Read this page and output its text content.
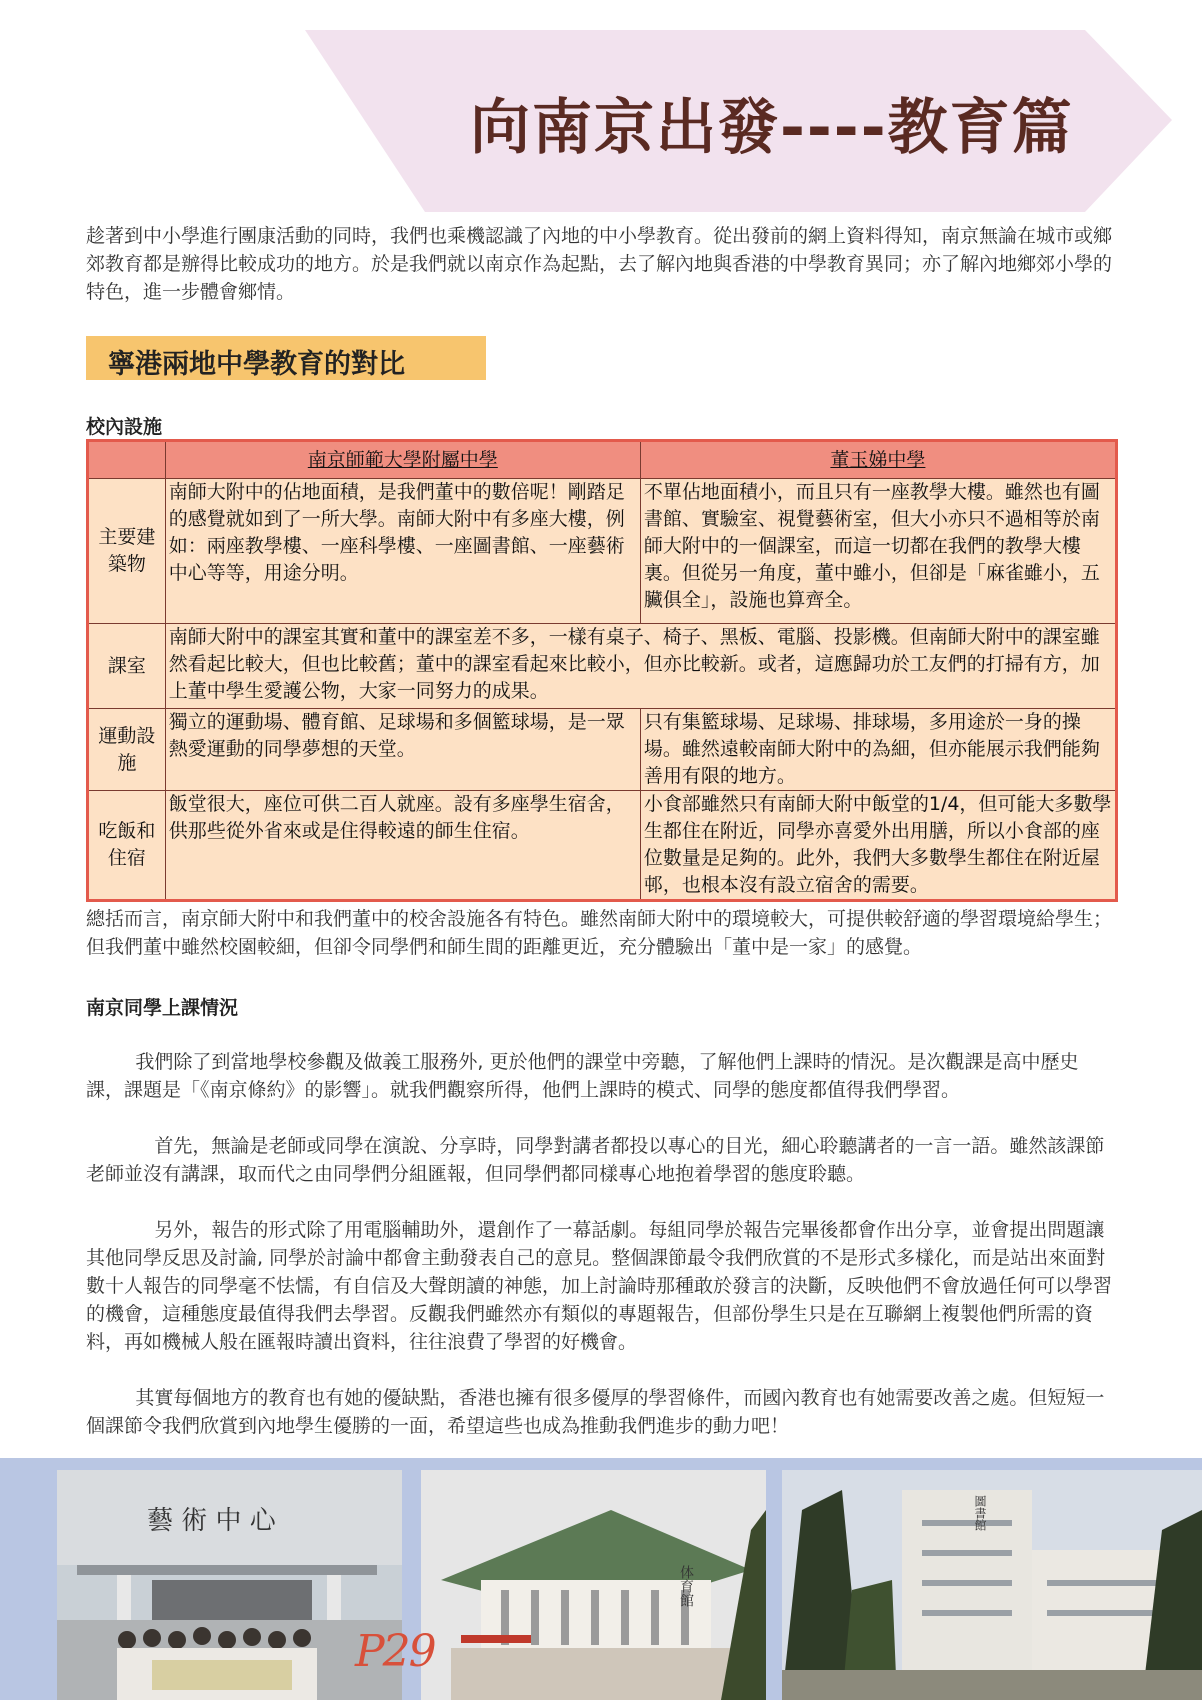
向南京出發----教育篇

趁著到中小學進行團康活動的同時，我們也乘機認識了內地的中小學教育。從出發前的網上資料得知，南京無論在城市或鄉郊教育都是辦得比較成功的地方。於是我們就以南京作為起點，去了解內地與香港的中學教育異同；亦了解內地鄉郊小學的特色，進一步體會鄉情。

寧港兩地中學教育的對比
校內設施
	南京師範大學附屬中學	董玉娣中學
主要建築物	南師大附中的佔地面積，是我們董中的數倍呢！剛踏足的感覺就如到了一所大學。南師大附中有多座大樓，例如：兩座教學樓、一座科學樓、一座圖書館、一座藝術中心等等，用途分明。	不單佔地面積小，而且只有一座教學大樓。雖然也有圖書館、實驗室、視覺藝術室，但大小亦只不過相等於南師大附中的一個課室，而這一切都在我們的教學大樓裏。但從另一角度，董中雖小，但卻是「麻雀雖小，五臟俱全」，設施也算齊全。
課室	南師大附中的課室其實和董中的課室差不多，一樣有桌子、椅子、黑板、電腦、投影機。但南師大附中的課室雖然看起比較大，但也比較舊；董中的課室看起來比較小，但亦比較新。或者，這應歸功於工友們的打掃有方，加上董中學生愛護公物，大家一同努力的成果。	
運動設施	獨立的運動場、體育館、足球場和多個籃球場，是一眾熱愛運動的同學夢想的天堂。	只有集籃球場、足球場、排球場，多用途於一身的操場。雖然遠較南師大附中的為細，但亦能展示我們能夠善用有限的地方。
吃飯和住宿	飯堂很大，座位可供二百人就座。設有多座學生宿舍，供那些從外省來或是住得較遠的師生住宿。	小食部雖然只有南師大附中飯堂的1/4，但可能大多數學生都住在附近，同學亦喜愛外出用膳，所以小食部的座位數量是足夠的。此外，我們大多數學生都住在附近屋邨，也根本沒有設立宿舍的需要。

總括而言，南京師大附中和我們董中的校舍設施各有特色。雖然南師大附中的環境較大，可提供較舒適的學習環境給學生；但我們董中雖然校園較細，但卻令同學們和師生間的距離更近，充分體驗出「董中是一家」的感覺。

南京同學上課情況

我們除了到當地學校參觀及做義工服務外, 更於他們的課堂中旁聽，了解他們上課時的情況。是次觀課是高中歷史課，課題是「《南京條約》的影響」。就我們觀察所得，他們上課時的模式、同學的態度都值得我們學習。

首先，無論是老師或同學在演說、分享時，同學對講者都投以專心的目光，細心聆聽講者的一言一語。雖然該課節老師並沒有講課，取而代之由同學們分組匯報，但同學們都同樣專心地抱着學習的態度聆聽。

另外，報告的形式除了用電腦輔助外，還創作了一幕話劇。每組同學於報告完畢後都會作出分享，並會提出問題讓其他同學反思及討論, 同學於討論中都會主動發表自己的意見。整個課節最令我們欣賞的不是形式多樣化，而是站出來面對數十人報告的同學毫不怯懦，有自信及大聲朗讀的神態，加上討論時那種敢於發言的決斷，反映他們不會放過任何可以學習的機會，這種態度最值得我們去學習。反觀我們雖然亦有類似的專題報告，但部份學生只是在互聯網上複製他們所需的資料，再如機械人般在匯報時讀出資料，往往浪費了學習的好機會。

其實每個地方的教育也有她的優缺點，香港也擁有很多優厚的學習條件，而國內教育也有她需要改善之處。但短短一個課節令我們欣賞到內地學生優勝的一面，希望這些也成為推動我們進步的動力吧！

藝 術 中 心
体育館
圖書館
P29
